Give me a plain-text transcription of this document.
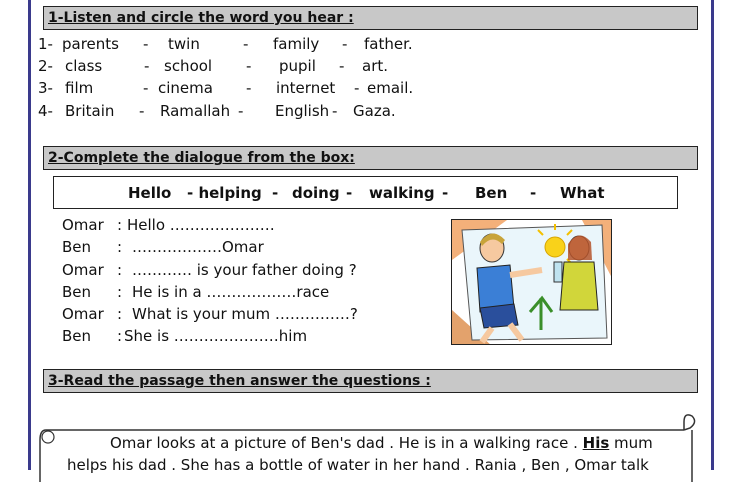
1-Listen and circle the word you hear :
1- parents - twin	- family - father.
2- class	- school - pupil - art.
3- film	- cinema - internet - email.
4- Britain - Ramallah - English - Gaza.
2-Complete the dialogue from the box:
Hello - helping - doing - walking - Ben - What
Omar : Hello …………………
Ben : ………………Omar
Omar : ………… is your father doing ?
Ben : He is in a ………………race
Omar : What is your mum ……………?
Ben : She is …………………him
3-Read the passage then answer the questions :
Omar looks at a picture of Ben's dad . He is in a walking race . His mum
helps his dad . She has a bottle of water in her hand . Rania , Ben , Omar talk
